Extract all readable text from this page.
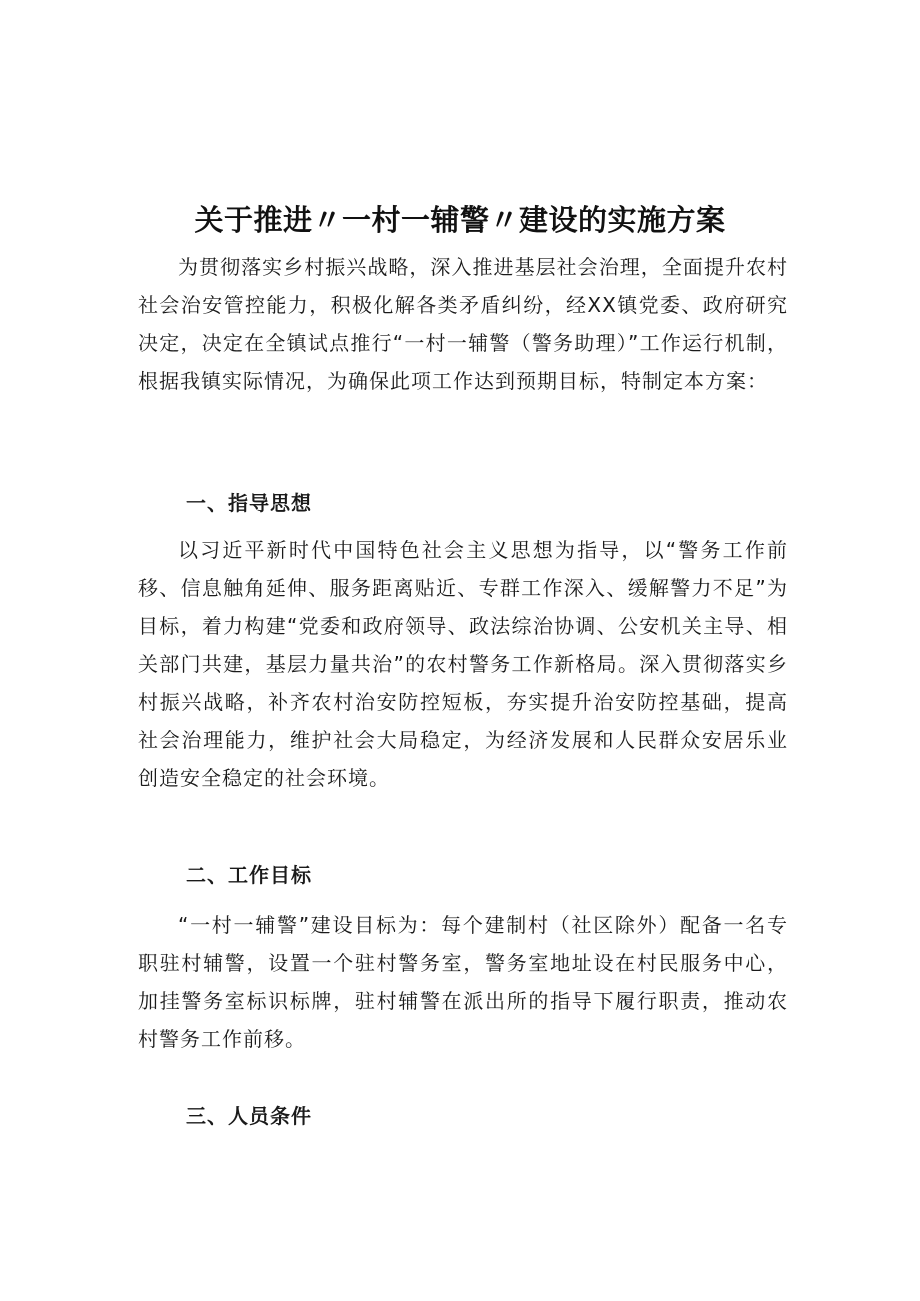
关于推进〃一村一辅警〃建设的实施方案

为贯彻落实乡村振兴战略，深入推进基层社会治理，全面提升农村社会治安管控能力，积极化解各类矛盾纠纷，经XX镇党委、政府研究决定，决定在全镇试点推行“一村一辅警（警务助理）”工作运行机制，根据我镇实际情况，为确保此项工作达到预期目标，特制定本方案：

一、指导思想

以习近平新时代中国特色社会主义思想为指导，以“警务工作前移、信息触角延伸、服务距离贴近、专群工作深入、缓解警力不足”为目标，着力构建“党委和政府领导、政法综治协调、公安机关主导、相关部门共建，基层力量共治”的农村警务工作新格局。深入贯彻落实乡村振兴战略，补齐农村治安防控短板，夯实提升治安防控基础，提高社会治理能力，维护社会大局稳定，为经济发展和人民群众安居乐业创造安全稳定的社会环境。

二、工作目标

“一村一辅警”建设目标为：每个建制村（社区除外）配备一名专职驻村辅警，设置一个驻村警务室，警务室地址设在村民服务中心，加挂警务室标识标牌，驻村辅警在派出所的指导下履行职责，推动农村警务工作前移。

三、人员条件
